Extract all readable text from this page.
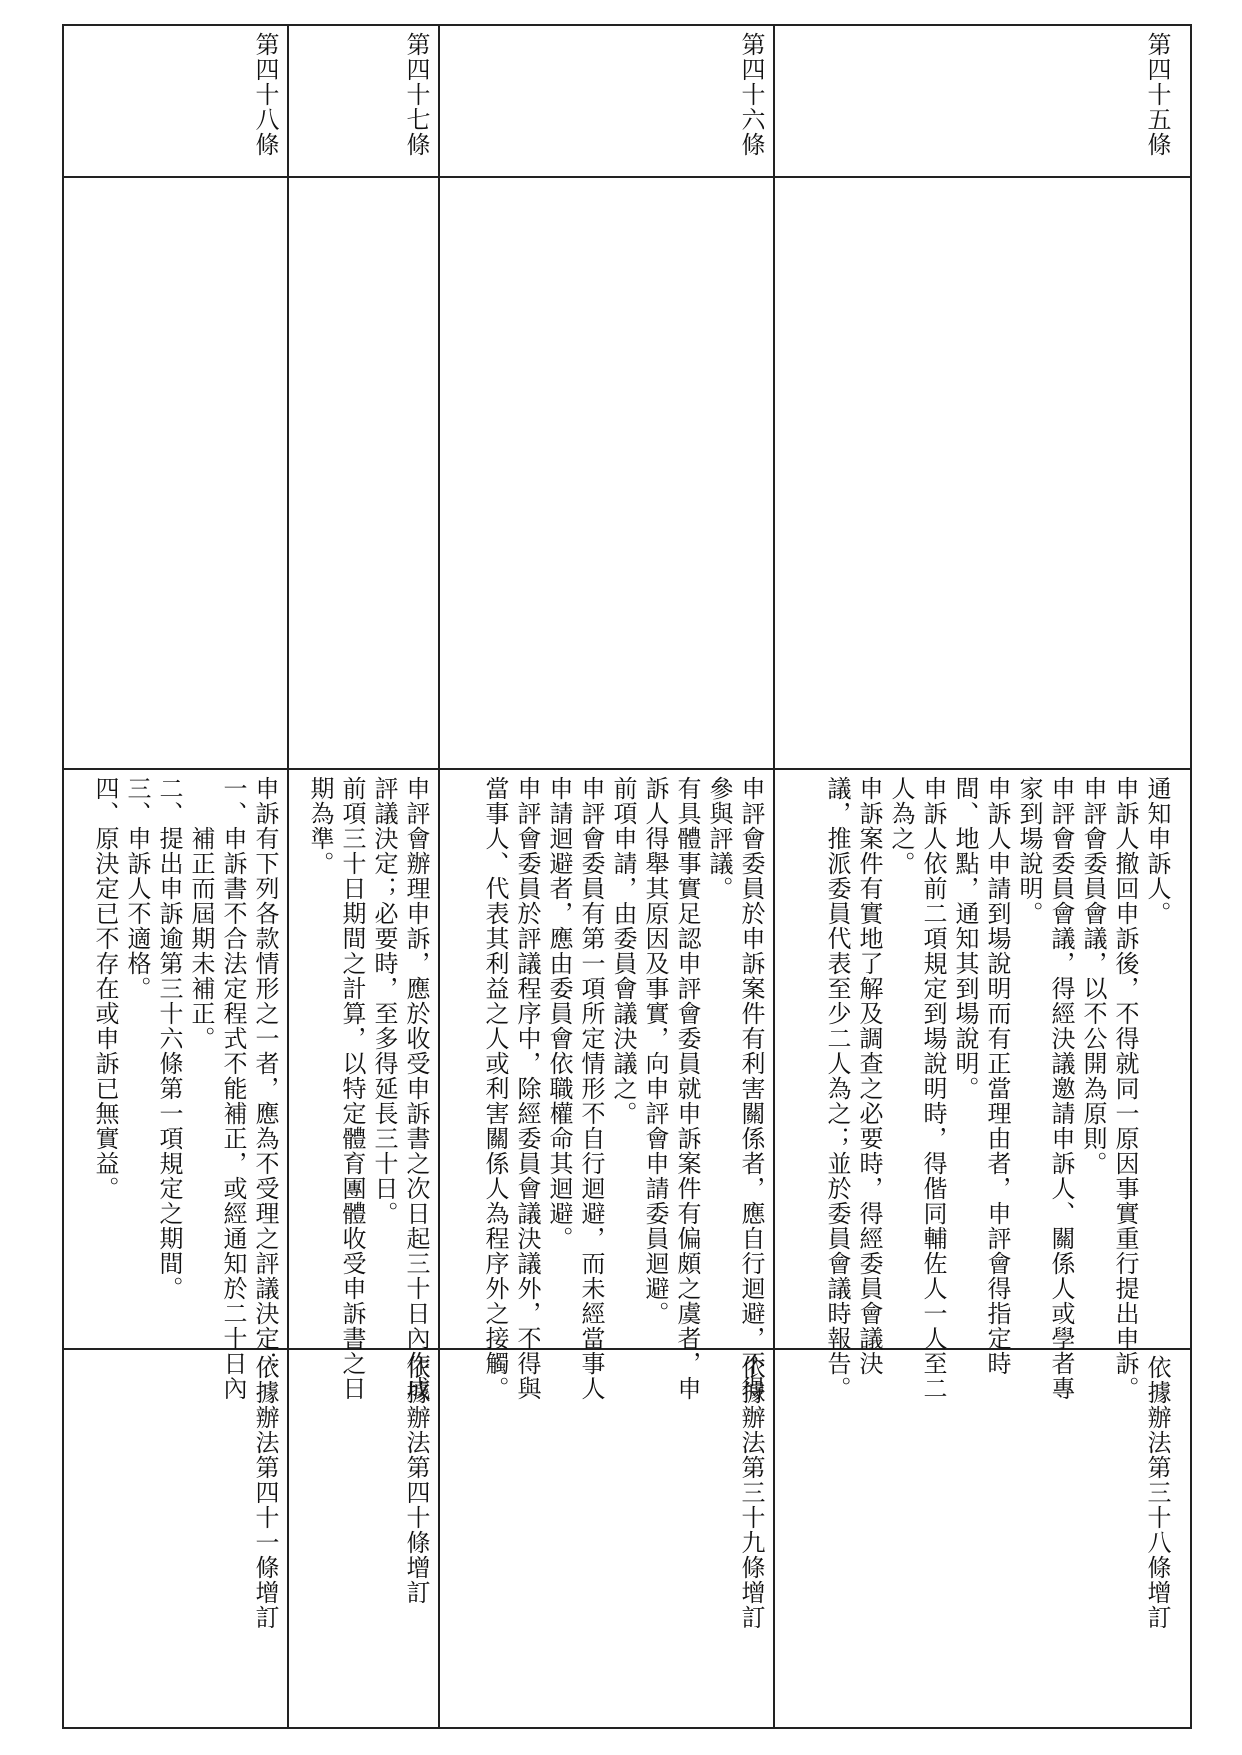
第四十五條
通知申訴人。
申訴人撤回申訴後，不得就同一原因事實重行提出申訴。
申評會委員會議，以不公開為原則。
申評會委員會議，得經決議邀請申訴人、關係人或學者專
家到場說明。
申訴人申請到場說明而有正當理由者，申評會得指定時
間、地點，通知其到場說明。
申訴人依前二項規定到場說明時，得偕同輔佐人一人至二
人為之。
申訴案件有實地了解及調查之必要時，得經委員會議決
議，推派委員代表至少二人為之；並於委員會議時報告。
依據辦法第三十八條增訂
第四十六條
申評會委員於申訴案件有利害關係者，應自行迴避，不得
參與評議。
有具體事實足認申評會委員就申訴案件有偏頗之虞者，申
訴人得舉其原因及事實，向申評會申請委員迴避。
前項申請，由委員會議決議之。
申評會委員有第一項所定情形不自行迴避，而未經當事人
申請迴避者，應由委員會依職權命其迴避。
申評會委員於評議程序中，除經委員會議決議外，不得與
當事人、代表其利益之人或利害關係人為程序外之接觸。
依據辦法第三十九條增訂
第四十七條
申評會辦理申訴，應於收受申訴書之次日起三十日內作成
評議決定；必要時，至多得延長三十日。
前項三十日期間之計算，以特定體育團體收受申訴書之日
期為準。
依據辦法第四十條增訂
第四十八條
申訴有下列各款情形之一者，應為不受理之評議決定：
一、申訴書不合法定程式不能補正，或經通知於二十日內
　　補正而屆期未補正。
二、提出申訴逾第三十六條第一項規定之期間。
三、申訴人不適格。
四、原決定已不存在或申訴已無實益。
依據辦法第四十一條增訂
